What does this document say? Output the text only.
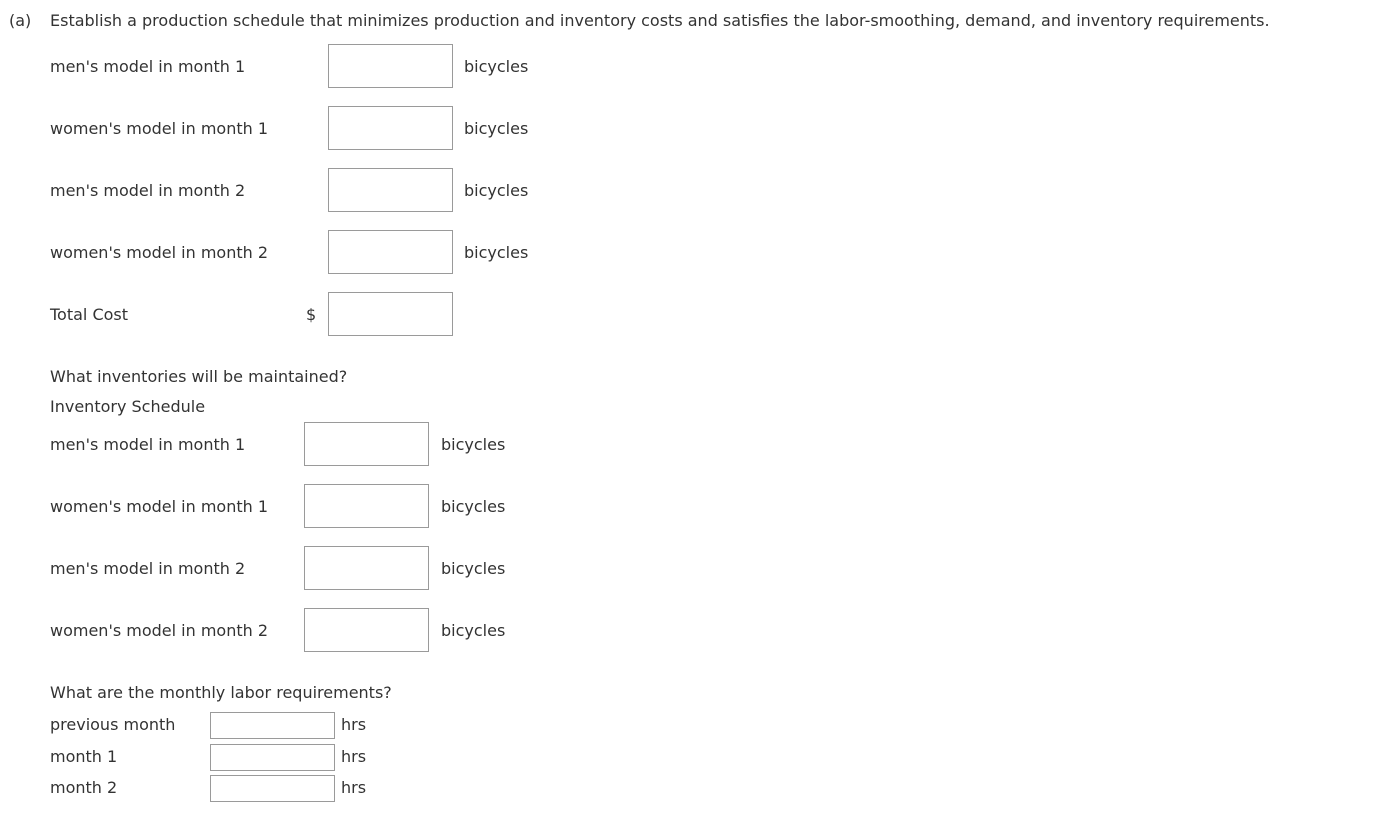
(a) Establish a production schedule that minimizes production and inventory costs and satisfies the labor-smoothing, demand, and inventory requirements.
men's model in month 1	bicycles
women's model in month 1	bicycles
men's model in month 2	bicycles
women's model in month 2	bicycles
Total Cost	$
What inventories will be maintained?
Inventory Schedule
men's model in month 1	bicycles
women's model in month 1	bicycles
men's model in month 2	bicycles
women's model in month 2	bicycles
What are the monthly labor requirements?
previous month	hrs
month 1	hrs
month 2	hrs
